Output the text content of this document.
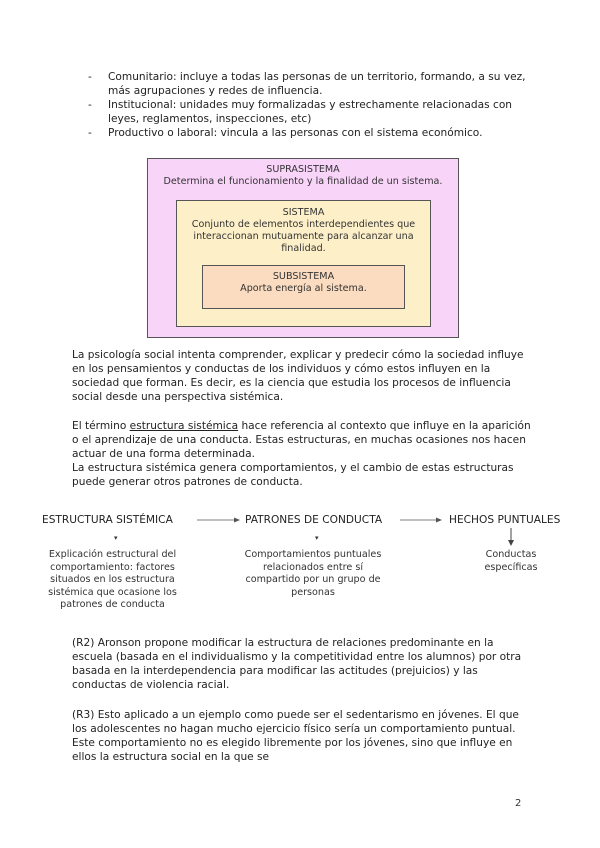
- Comunitario: incluye a todas las personas de un territorio, formando, a su vez, más agrupaciones y redes de influencia.
- Institucional: unidades muy formalizadas y estrechamente relacionadas con leyes, reglamentos, inspecciones, etc)
- Productivo o laboral: vincula a las personas con el sistema económico.
SUPRASISTEMA
Determina el funcionamiento y la finalidad de un sistema.
SISTEMA
Conjunto de elementos interdependientes que interaccionan mutuamente para alcanzar una finalidad.
SUBSISTEMA
Aporta energía al sistema.

La psicología social intenta comprender, explicar y predecir cómo la sociedad influye en los pensamientos y conductas de los individuos y cómo estos influyen en la sociedad que forman. Es decir, es la ciencia que estudia los procesos de influencia social desde una perspectiva sistémica.

El término estructura sistémica hace referencia al contexto que influye en la aparición o el aprendizaje de una conducta. Estas estructuras, en muchas ocasiones nos hacen actuar de una forma determinada.
La estructura sistémica genera comportamientos, y el cambio de estas estructuras puede generar otros patrones de conducta.

ESTRUCTURA SISTÉMICA	PATRONES DE CONDUCTA	HECHOS PUNTUALES
▾	▾
Explicación estructural del comportamiento: factores situados en los estructura sistémica que ocasione los patrones de conducta
Comportamientos puntuales relacionados entre sí compartido por un grupo de personas
Conductas específicas

(R2) Aronson propone modificar la estructura de relaciones predominante en la escuela (basada en el individualismo y la competitividad entre los alumnos) por otra basada en la interdependencia para modificar las actitudes (prejuicios) y las conductas de violencia racial.

(R3) Esto aplicado a un ejemplo como puede ser el sedentarismo en jóvenes. El que los adolescentes no hagan mucho ejercicio físico sería un comportamiento puntual. Este comportamiento no es elegido libremente por los jóvenes, sino que influye en ellos la estructura social en la que se

2
